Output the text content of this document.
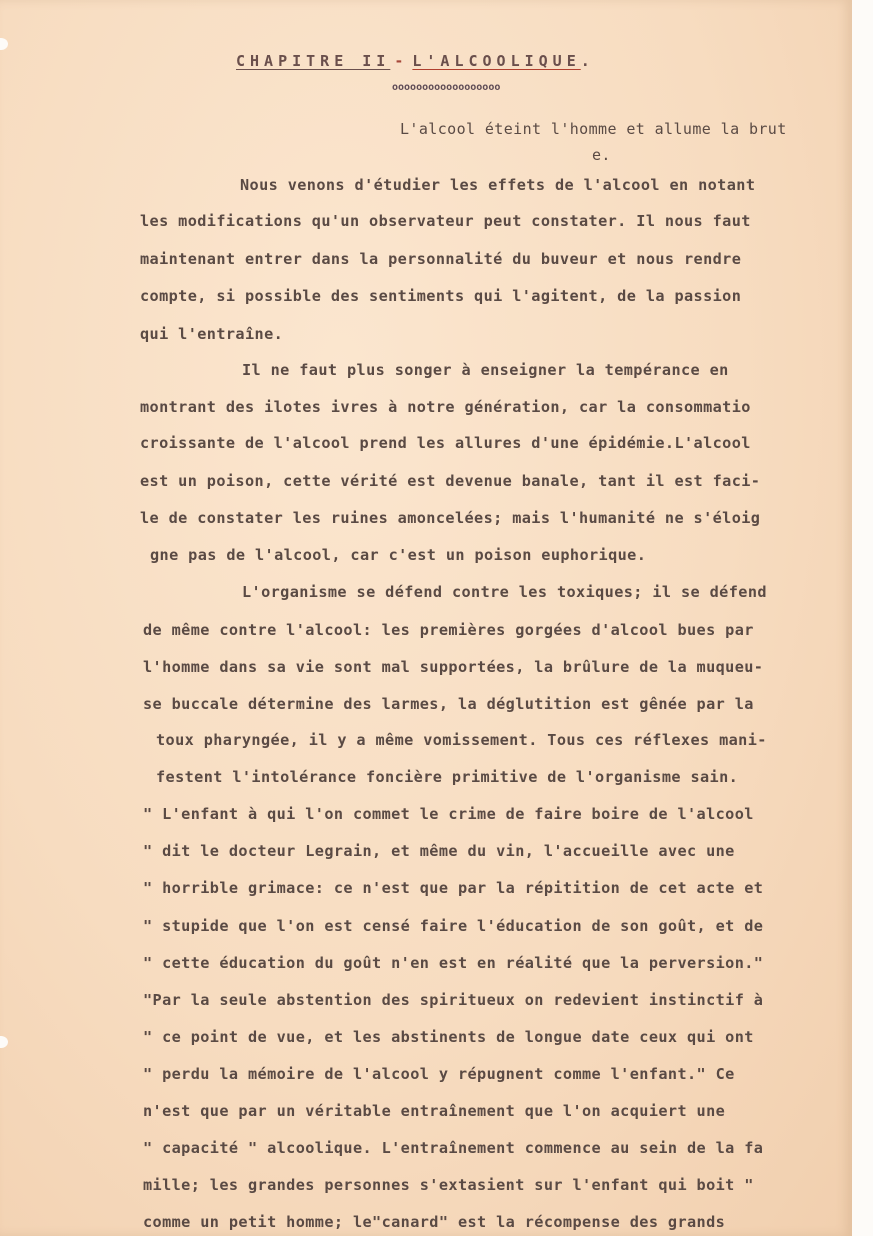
CHAPITRE II - L'ALCOOLIQUE.
oooooooooooooooooo
L'alcool éteint l'homme et allume la brut
e.
Nous venons d'étudier les effets de l'alcool en notant
les modifications qu'un observateur peut constater. Il nous faut
maintenant entrer dans la personnalité du buveur et nous rendre
compte, si possible des sentiments qui l'agitent, de la passion
qui l'entraîne.
Il ne faut plus songer à enseigner la tempérance en
montrant des ilotes ivres à notre génération, car la consommatio
croissante de l'alcool prend les allures d'une épidémie.L'alcool
est un poison, cette vérité est devenue banale, tant il est faci-
le de constater les ruines amoncelées; mais l'humanité ne s'éloig
gne pas de l'alcool, car c'est un poison euphorique.
L'organisme se défend contre les toxiques; il se défend
de même contre l'alcool: les premières gorgées d'alcool bues par
l'homme dans sa vie sont mal supportées, la brûlure de la muqueu-
se buccale détermine des larmes, la déglutition est gênée par la
toux pharyngée, il y a même vomissement. Tous ces réflexes mani-
festent l'intolérance foncière primitive de l'organisme sain.
" L'enfant à qui l'on commet le crime de faire boire de l'alcool
" dit le docteur Legrain, et même du vin, l'accueille avec une
" horrible grimace: ce n'est que par la répitition de cet acte et
" stupide que l'on est censé faire l'éducation de son goût, et de
" cette éducation du goût n'en est en réalité que la perversion."
"Par la seule abstention des spiritueux on redevient instinctif à
" ce point de vue, et les abstinents de longue date ceux qui ont
" perdu la mémoire de l'alcool y répugnent comme l'enfant." Ce
n'est que par un véritable entraînement que l'on acquiert une
" capacité " alcoolique. L'entraînement commence au sein de la fa
mille; les grandes personnes s'extasient sur l'enfant qui boit "
comme un petit homme; le"canard" est la récompense des grands
